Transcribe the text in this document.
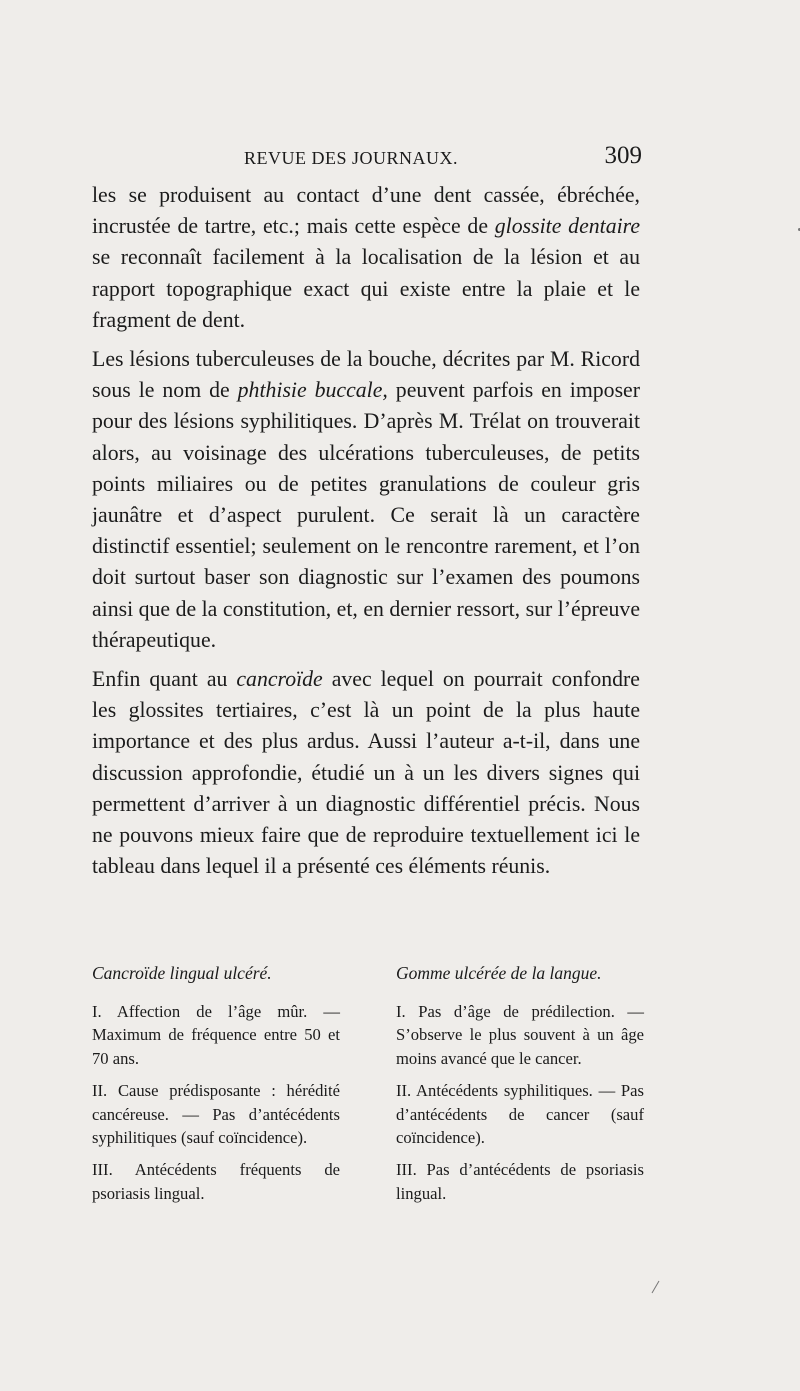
REVUE DES JOURNAUX.	309

les se produisent au contact d’une dent cassée, ébréchée, incrustée de tartre, etc.; mais cette espèce de glossite dentaire se reconnaît facilement à la localisation de la lésion et au rapport topographique exact qui existe entre la plaie et le fragment de dent.

Les lésions tuberculeuses de la bouche, décrites par M. Ricord sous le nom de phthisie buccale, peuvent parfois en imposer pour des lésions syphilitiques. D’après M. Trélat on trouverait alors, au voisinage des ulcérations tuberculeuses, de petits points miliaires ou de petites granulations de couleur gris jaunâtre et d’aspect purulent. Ce serait là un caractère distinctif essentiel; seulement on le rencontre rarement, et l’on doit surtout baser son diagnostic sur l’examen des poumons ainsi que de la constitution, et, en dernier ressort, sur l’épreuve thérapeutique.

Enfin quant au cancroïde avec lequel on pourrait confondre les glossites tertiaires, c’est là un point de la plus haute importance et des plus ardus. Aussi l’auteur a-t-il, dans une discussion approfondie, étudié un à un les divers signes qui permettent d’arriver à un diagnostic différentiel précis. Nous ne pouvons mieux faire que de reproduire textuellement ici le tableau dans lequel il a présenté ces éléments réunis.

Cancroïde lingual ulcéré.

I. Affection de l’âge mûr. — Maximum de fréquence entre 50 et 70 ans.

II. Cause prédisposante : hérédité cancéreuse. — Pas d’antécédents syphilitiques (sauf coïncidence).

III. Antécédents fréquents de psoriasis lingual.

Gomme ulcérée de la langue.

I. Pas d’âge de prédilection. — S’observe le plus souvent à un âge moins avancé que le cancer.

II. Antécédents syphilitiques. — Pas d’antécédents de cancer (sauf coïncidence).

III. Pas d’antécédents de psoriasis lingual.
